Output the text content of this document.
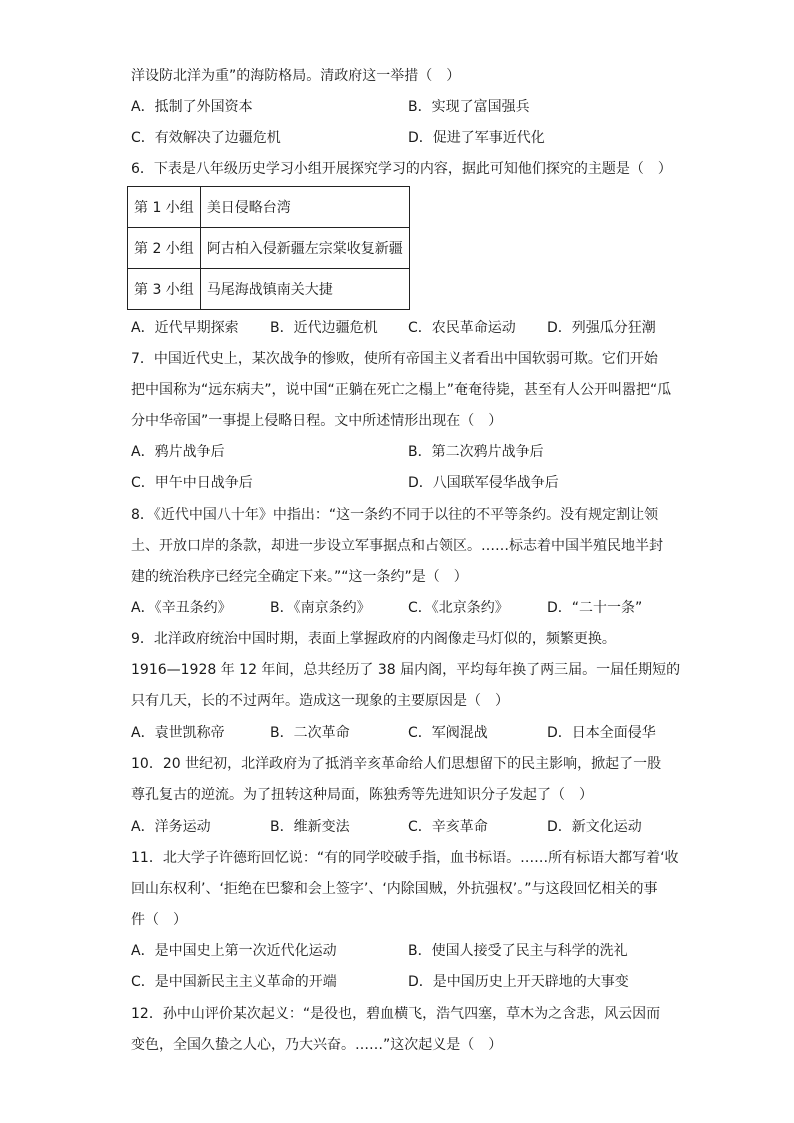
洋设防北洋为重”的海防格局。清政府这一举措（　）
A．抵制了外国资本	B．实现了富国强兵
C．有效解决了边疆危机	D．促进了军事近代化
6．下表是八年级历史学习小组开展探究学习的内容，据此可知他们探究的主题是（　）
第 1 小组	美日侵略台湾
第 2 小组	阿古柏入侵新疆左宗棠收复新疆
第 3 小组	马尾海战镇南关大捷
A．近代早期探索 B．近代边疆危机 C．农民革命运动 D．列强瓜分狂潮
7．中国近代史上，某次战争的惨败，使所有帝国主义者看出中国软弱可欺。它们开始
把中国称为“远东病夫”，说中国“正躺在死亡之榻上”奄奄待毙，甚至有人公开叫嚣把“瓜
分中华帝国”一事提上侵略日程。文中所述情形出现在（　）
A．鸦片战争后	B．第二次鸦片战争后
C．甲午中日战争后	D．八国联军侵华战争后
8．《近代中国八十年》中指出：“这一条约不同于以往的不平等条约。没有规定割让领
土、开放口岸的条款，却进一步设立军事据点和占领区。……标志着中国半殖民地半封
建的统治秩序已经完全确定下来。”“这一条约”是（　）
A．《辛丑条约》	B．《南京条约》	C．《北京条约》	D．“二十一条”
9．北洋政府统治中国时期，表面上掌握政府的内阁像走马灯似的，频繁更换。
1916—1928 年 12 年间，总共经历了 38 届内阁，平均每年换了两三届。一届任期短的
只有几天，长的不过两年。造成这一现象的主要原因是（　）
A．袁世凯称帝	B．二次革命	C．军阀混战	D．日本全面侵华
10．20 世纪初，北洋政府为了抵消辛亥革命给人们思想留下的民主影响，掀起了一股
尊孔复古的逆流。为了扭转这种局面，陈独秀等先进知识分子发起了（　）
A．洋务运动	B．维新变法	C．辛亥革命	D．新文化运动
11．北大学子许德珩回忆说：“有的同学咬破手指，血书标语。……所有标语大都写着‘收
回山东权利’、‘拒绝在巴黎和会上签字’、‘内除国贼，外抗强权’。”与这段回忆相关的事
件（　）
A．是中国史上第一次近代化运动	B．使国人接受了民主与科学的洗礼
C．是中国新民主主义革命的开端	D．是中国历史上开天辟地的大事变
12．孙中山评价某次起义：“是役也，碧血横飞，浩气四塞，草木为之含悲，风云因而
变色，全国久蛰之人心，乃大兴奋。……”这次起义是（　）
